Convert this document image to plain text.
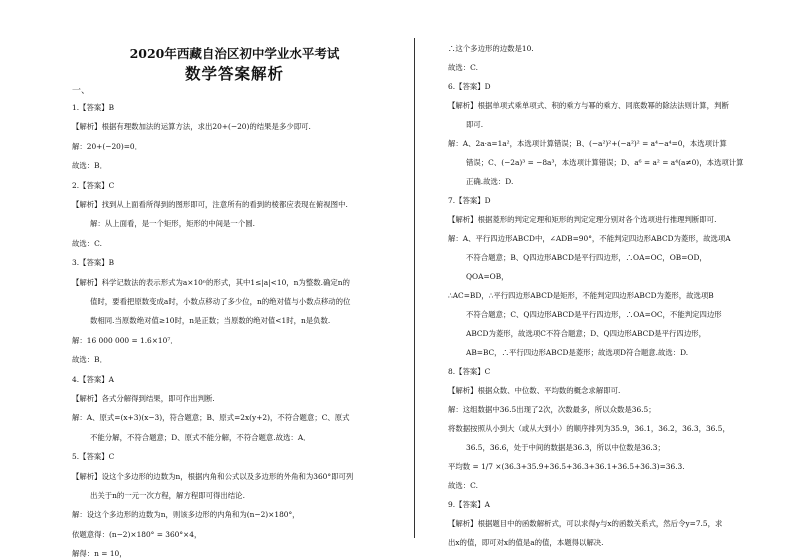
2020年西藏自治区初中学业水平考试
数学答案解析
一、
1.【答案】B
【解析】根据有理数加法的运算方法，求出20+(−20)的结果是多少即可.
解：20+(−20)=0．
故选：B．
2.【答案】C
【解析】找到从上面看所得到的图形即可，注意所有的看到的棱都应表现在俯视图中.
解：从上面看，是一个矩形，矩形的中间是一个圆.
故选：C.
3.【答案】B
【解析】科学记数法的表示形式为a×10ⁿ的形式，其中1≤|a|<10，n为整数.确定n的
值时，要看把原数变成a时，小数点移动了多少位，n的绝对值与小数点移动的位
数相同.当原数绝对值≥10时，n是正数；当原数的绝对值<1时，n是负数.
解：16 000 000 = 1.6×10⁷．
故选：B．
4.【答案】A
【解析】各式分解得到结果，即可作出判断.
解：A、原式=(x+3)(x−3)，符合题意；B、原式=2x(y+2)，不符合题意；C、原式
不能分解，不符合题意；D、原式不能分解，不符合题意.故选：A．
5.【答案】C
【解析】设这个多边形的边数为n，根据内角和公式以及多边形的外角和为360°即可列
出关于n的一元一次方程，解方程即可得出结论.
解：设这个多边形的边数为n，则该多边形的内角和为(n−2)×180°，
依题意得：(n−2)×180° = 360°×4，
解得：n = 10，
∴这个多边形的边数是10.
故选：C.
6.【答案】D
【解析】根据单项式乘单项式、积的乘方与幂的乘方、同底数幂的除法法则计算，判断
即可.
解：A、2a·a=1a²，本选项计算错误；B、(−a²)²+(−a²)² = a⁴−a⁴=0，本选项计算
错误；C、(−2a)³ = −8a³，本选项计算错误；D、a⁶ = a² = a⁴(a≠0)，本选项计算
正确.故选：D.
7.【答案】D
【解析】根据菱形的判定定理和矩形的判定定理分别对各个选项进行推理判断即可.
解：A、平行四边形ABCD中，∠ADB=90°，不能判定四边形ABCD为菱形，故选项A
不符合题意；B、Q四边形ABCD是平行四边形，∴OA=OC，OB=OD，
QOA=OB，
∴AC=BD，∴平行四边形ABCD是矩形，不能判定四边形ABCD为菱形，故选项B
不符合题意；C、Q四边形ABCD是平行四边形，∴OA=OC，不能判定四边形
ABCD为菱形，故选项C不符合题意；D、Q四边形ABCD是平行四边形，
AB=BC，∴平行四边形ABCD是菱形；故选项D符合题意.故选：D.
8.【答案】C
【解析】根据众数、中位数、平均数的概念求解即可.
解：这组数据中36.5出现了2次，次数最多，所以众数是36.5；
将数据按照从小到大（或从大到小）的顺序排列为35.9，36.1，36.2，36.3，36.5，
36.5，36.6，处于中间的数据是36.3，所以中位数是36.3；
平均数 = 1/7 ×(36.3+35.9+36.5+36.3+36.1+36.5+36.3)=36.3.
故选：C.
9.【答案】A
【解析】根据题目中的函数解析式，可以求得y与x的函数关系式，然后令y=7.5，求
出x的值，即可对x的值是a的值，本题得以解决.
